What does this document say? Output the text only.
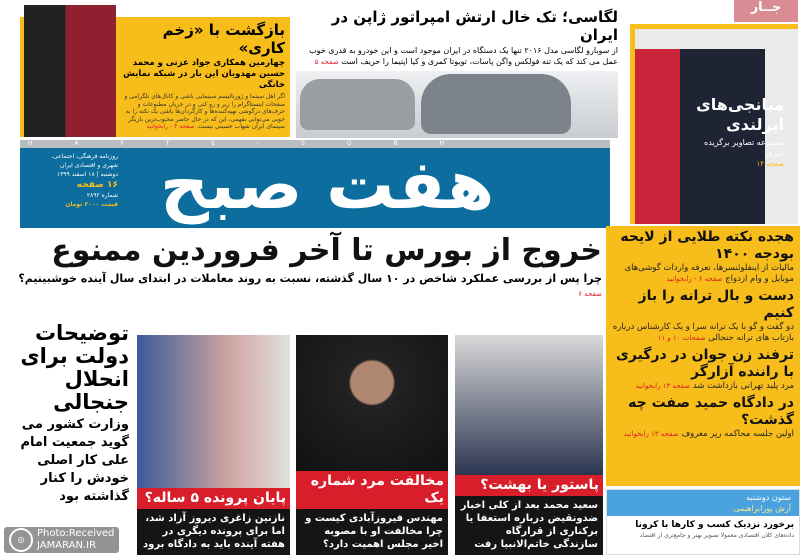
بازگشت با «زخم کاری»
چهارمین همکاری جواد عزتی و محمد حسین مهدویان این بار در شبکه نمایش خانگی
اگر اهل سینما و ژورنالیسم سینمایی باشی و کانال‌های تلگرامی و صفحات اینستاگرام را زیر و رو کنی و در جریان مطبوعات و حرف‌های درگوشی تهیه‌کننده‌ها و کارگردان‌ها باشی یک نکته را به خوبی می‌توانی بفهمی، این که در حال حاضر محبوب‌ترین بازیگر سینمای ایران شهاب حسینی نیست. صفحه ۴ - رابخوانید
لگاسی؛ تک خال ارتش امپراتور ژاپن در ایران
از سوبارو لگاسی مدل ۲۰۱۶ تنها یک دستگاه در ایران موجود است و این خودرو به قدری خوب عمل می کند که یک تنه فولکس واگن پاسات، تویوتا کمری و کیا اپتیما را حریف است صفحه ۵
جــار
میانجی‌های ایرلندی
مجموعه تصاویر برگزیده خبری
صفحه ۱۴
H A F T E - S O B H
روزنامه فرهنگی، اجتماعی،
شهری و اقتصادی ایران
دوشنبه | ۱۸ اسفند ۱۳۹۹
۱۶ صفحه
شماره ۲۸۹۲
قیمت ۲۰۰۰ تومان هفت صبح
خروج از بورس تا آخر فروردین ممنوع
چرا پس از بررسی عملکرد شاخص در ۱۰ سال گذشته، نسبت به روند معاملات در ابتدای سال آینده خوشبینیم؟ صفحه ۶
هجده نکته طلایی از لایحه بودجه ۱۴۰۰

مالیات از اینفلوئنسرها، تعرفه واردات گوشی‌های موبایل و وام ازدواج صفحه ۶ - رابخوانید

دست و بال ترانه را باز کنیم

دو گفت و گو با یک ترانه سرا و یک کارشناس درباره بازتاب های ترانه جنجالی صفحات ۱۰ و ۱۱

ترفند زن جوان در درگیری با راننده آزارگر

مرد پلید تهرانی بازداشت شد صفحه ۱۳ رابخوانید

در دادگاه حمید صفت چه گذشت؟

اولین جلسه محاکمه رپر معروف صفحه ۱۳ رابخوانید

توضیحات دولت برای انحلال جنجالی
وزارت کشور می گوید جمعیت امام علی کار اصلی خودش را کنار گذاشته بود
پاستور یا بهشت؟
سعید محمد بعد از کلی اخبار ضدونقیض درباره استعفا یا برکناری از قرارگاه سازندگی خاتم‌الانبیا رفت
مخالفت مرد شماره یک
مهندس فیروزآبادی کیست و چرا مخالفت او با مصوبه اخیر مجلس اهمیت دارد؟
پایان پرونده ۵ ساله؟
نازنین زاغری دیروز آزاد شد، اما برای پرونده دیگری در هفته آینده باید به دادگاه برود
ستون دوشنبه
آرش پورابراهیمی
برخورد نزدیک کسب و کارها با کرونا
داده‌های کلان اقتصادی معمولا تصویر بهتر و جامع‌تری از اقتصاد
◎
Photo:Received
JAMARAN.IR
